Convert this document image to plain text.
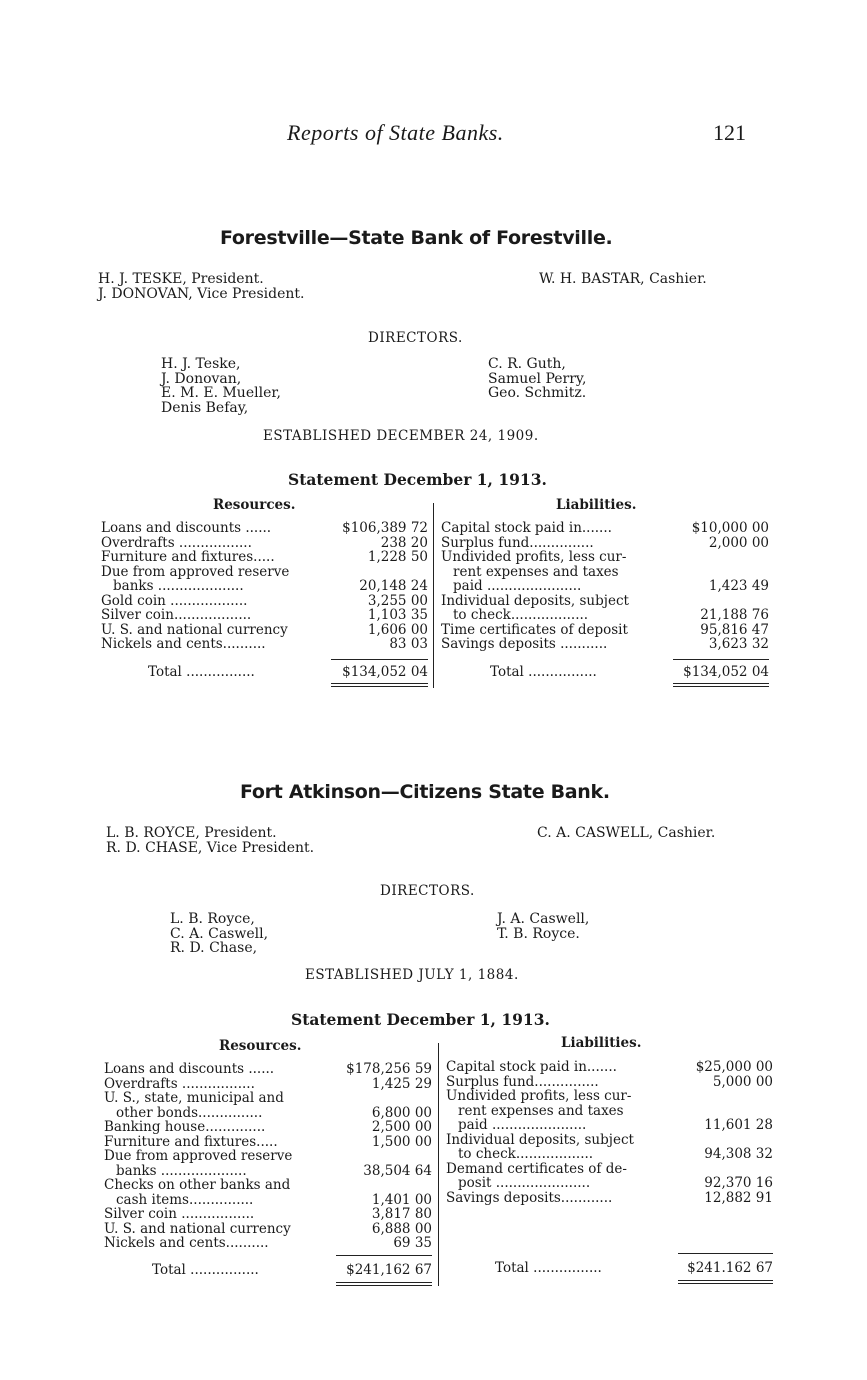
Reports of State Banks.	121
Forestville—State Bank of Forestville.
H. J. TESKE, President.
J. DONOVAN, Vice President.
W. H. BASTAR, Cashier.
DIRECTORS.
H. J. Teske,
J. Donovan,
E. M. E. Mueller,
Denis Befay,
C. R. Guth,
Samuel Perry,
Geo. Schmitz.
ESTABLISHED DECEMBER 24, 1909.
Statement December 1, 1913.
Resources.	Liabilities.
Loans and discounts ......	$106,389 72
Overdrafts .................	238 20
Furniture and fixtures.....	1,228 50
Due from approved reserve
banks ....................	20,148 24
Gold coin ..................	3,255 00
Silver coin..................	1,103 35
U. S. and national currency	1,606 00
Nickels and cents..........	83 03
Total ................	$134,052 04
Capital stock paid in.......	$10,000 00
Surplus fund...............	2,000 00
Undivided profits, less cur-
rent expenses and taxes
paid ......................	1,423 49
Individual deposits, subject
to check..................	21,188 76
Time certificates of deposit	95,816 47
Savings deposits ...........	3,623 32
Total ................	$134,052 04
Fort Atkinson—Citizens State Bank.
L. B. ROYCE, President.
R. D. CHASE, Vice President.
C. A. CASWELL, Cashier.
DIRECTORS.
L. B. Royce,
C. A. Caswell,
R. D. Chase,
J. A. Caswell,
T. B. Royce.
ESTABLISHED JULY 1, 1884.
Statement December 1, 1913.
Resources.	Liabilities.
Loans and discounts ......	$178,256 59
Overdrafts .................	1,425 29
U. S., state, municipal and
other bonds...............	6,800 00
Banking house..............	2,500 00
Furniture and fixtures.....	1,500 00
Due from approved reserve
banks ....................	38,504 64
Checks on other banks and
cash items...............	1,401 00
Silver coin .................	3,817 80
U. S. and national currency	6,888 00
Nickels and cents..........	69 35
Total ................	$241,162 67
Capital stock paid in.......	$25,000 00
Surplus fund...............	5,000 00
Undivided profits, less cur-
rent expenses and taxes
paid ......................	11,601 28
Individual deposits, subject
to check..................	94,308 32
Demand certificates of de-
posit ......................	92,370 16
Savings deposits............	12,882 91
Total ................	$241.162 67
